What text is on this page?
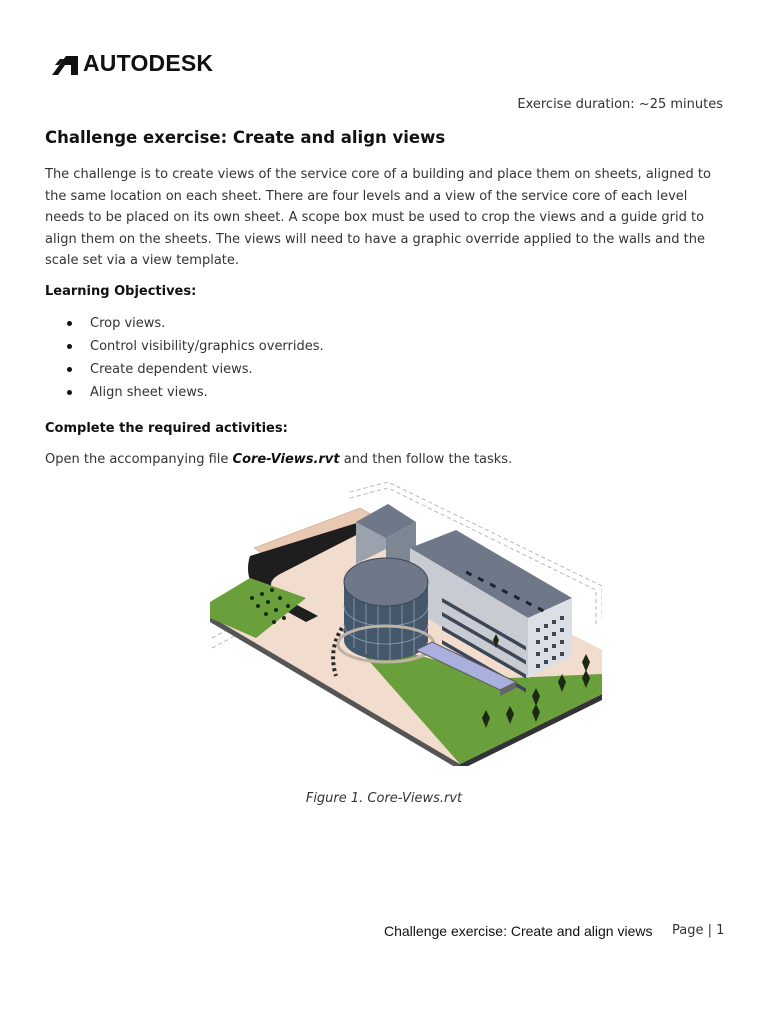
AUTODESK
Exercise duration: ~25 minutes
Challenge exercise: Create and align views

The challenge is to create views of the service core of a building and place them on sheets, aligned to the same location on each sheet. There are four levels and a view of the service core of each level needs to be placed on its own sheet. A scope box must be used to crop the views and a guide grid to align them on the sheets. The views will need to have a graphic override applied to the walls and the scale set via a view template.

Learning Objectives:
Crop views.
Control visibility/graphics overrides.
Create dependent views.
Align sheet views.
Complete the required activities:
Open the accompanying file Core-Views.rvt and then follow the tasks.
Figure 1. Core-Views.rvt
Challenge exercise: Create and align views Page | 1
